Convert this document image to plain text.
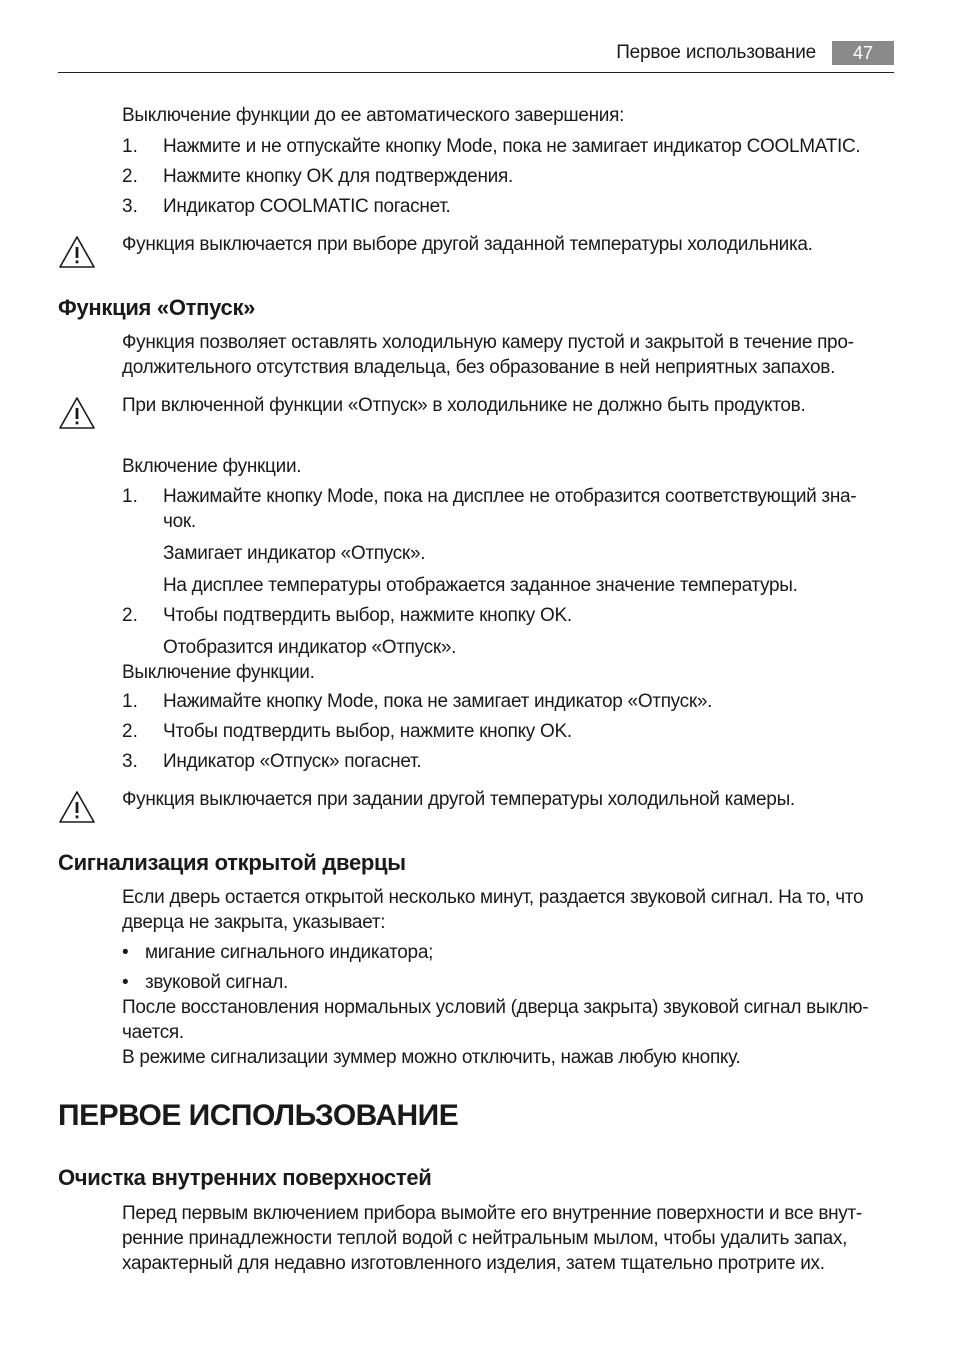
Первое использование	47
Выключение функции до ее автоматического завершения:
1. Нажмите и не отпускайте кнопку Mode, пока не замигает индикатор COOLMATIC.
2. Нажмите кнопку OK для подтверждения.
3. Индикатор COOLMATIC погаснет.
Функция выключается при выборе другой заданной температуры холодильника.
Функция «Отпуск»
Функция позволяет оставлять холодильную камеру пустой и закрытой в течение про-
должительного отсутствия владельца, без образование в ней неприятных запахов.
При включенной функции «Отпуск» в холодильнике не должно быть продуктов.
Включение функции.
1. Нажимайте кнопку Mode, пока на дисплее не отобразится соответствующий зна-
чок.
Замигает индикатор «Отпуск».
На дисплее температуры отображается заданное значение температуры.
2. Чтобы подтвердить выбор, нажмите кнопку OK.
Отобразится индикатор «Отпуск».
Выключение функции.
1. Нажимайте кнопку Mode, пока не замигает индикатор «Отпуск».
2. Чтобы подтвердить выбор, нажмите кнопку OK.
3. Индикатор «Отпуск» погаснет.
Функция выключается при задании другой температуры холодильной камеры.
Сигнализация открытой дверцы
Если дверь остается открытой несколько минут, раздается звуковой сигнал. На то, что
дверца не закрыта, указывает:
• мигание сигнального индикатора;
• звуковой сигнал.
После восстановления нормальных условий (дверца закрыта) звуковой сигнал выклю-
чается.
В режиме сигнализации зуммер можно отключить, нажав любую кнопку.
ПЕРВОЕ ИСПОЛЬЗОВАНИЕ
Очистка внутренних поверхностей
Перед первым включением прибора вымойте его внутренние поверхности и все внут-
ренние принадлежности теплой водой с нейтральным мылом, чтобы удалить запах,
характерный для недавно изготовленного изделия, затем тщательно протрите их.
